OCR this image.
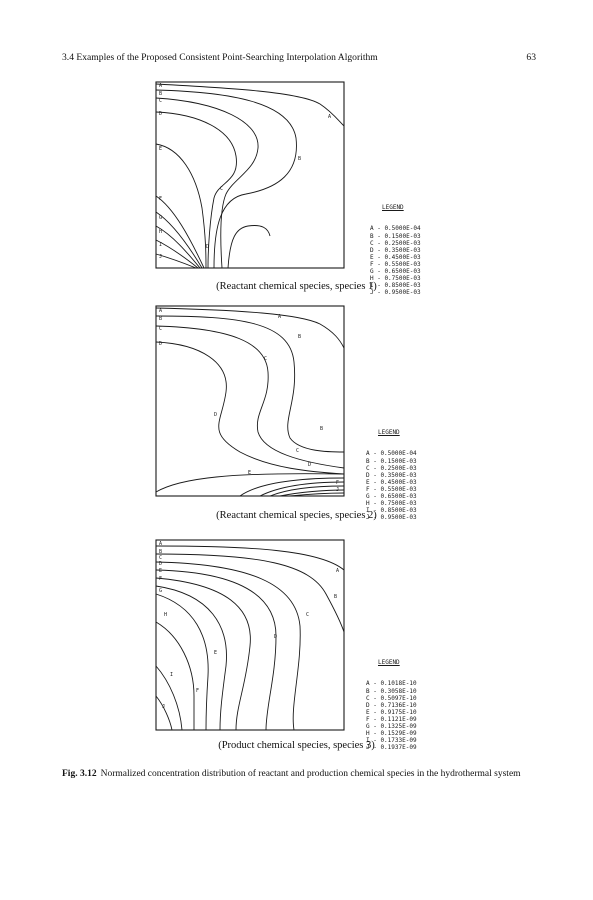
3.4 Examples of the Proposed Consistent Point-Searching Interpolation Algorithm	63
A
B
C
D
E
F
G
H
I
J
A
B
C
D

LEGEND

A - 0.5000E-04
B - 0.1500E-03
C - 0.2500E-03
D - 0.3500E-03
E - 0.4500E-03
F - 0.5500E-03
G - 0.6500E-03
H - 0.7500E-03
I - 0.8500E-03
J - 0.9500E-03

(Reactant chemical species, species 1)
A
B
C
D
A
B
C
D
B
C
D
E
F
J

LEGEND

A - 0.5000E-04
B - 0.1500E-03
C - 0.2500E-03
D - 0.3500E-03
E - 0.4500E-03
F - 0.5500E-03
G - 0.6500E-03
H - 0.7500E-03
I - 0.8500E-03
J - 0.9500E-03

(Reactant chemical species, species 2)
A
B
C
D
E
F
G
H
I
J
A
B
C
D
E
F

LEGEND

A - 0.1018E-10
B - 0.3058E-10
C - 0.5097E-10
D - 0.7136E-10
E - 0.9175E-10
F - 0.1121E-09
G - 0.1325E-09
H - 0.1529E-09
I - 0.1733E-09
J - 0.1937E-09

(Product chemical species, species 3)
Fig. 3.12 Normalized concentration distribution of reactant and production chemical species in the hydrothermal system
